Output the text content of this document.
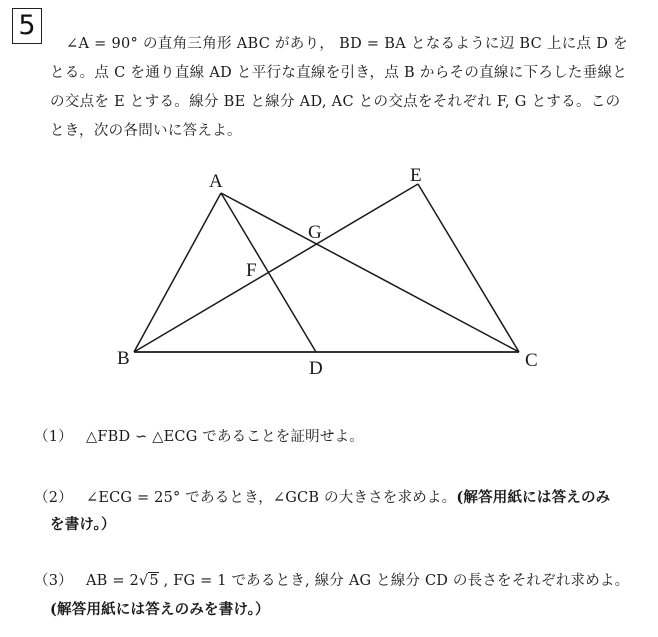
5
∠A = 90° の直角三角形 ABC があり， BD = BA となるように辺 BC 上に点 D を
とる。点 C を通り直線 AD と平行な直線を引き，点 B からその直線に下ろした垂線と
の交点を E とする。線分 BE と線分 AD, AC との交点をそれぞれ F, G とする。この
とき，次の各問いに答えよ。
A	E
G
F
B	C
D
（1） △FBD ∽ △ECG であることを証明せよ。
（2） ∠ECG = 25° であるとき，∠GCB の大きさを求めよ。(解答用紙には答えのみ
を書け。）
（3） AB = 2√5 , FG = 1 であるとき, 線分 AG と線分 CD の長さをそれぞれ求めよ。
(解答用紙には答えのみを書け。）
